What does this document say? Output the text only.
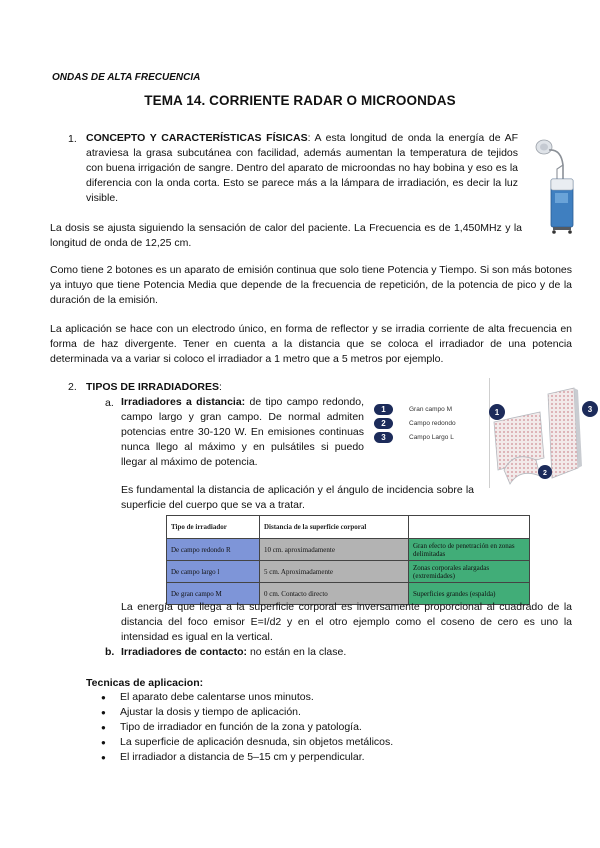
ONDAS DE ALTA FRECUENCIA
TEMA 14. CORRIENTE RADAR O MICROONDAS
1. CONCEPTO Y CARACTERÍSTICAS FÍSICAS: A esta longitud de onda la energía de AF atraviesa la grasa subcutánea con facilidad, además aumentan la temperatura de tejidos con buena irrigación de sangre. Dentro del aparato de microondas no hay bobina y eso es la diferencia con la onda corta. Esto se parece más a la lámpara de irradiación, es decir la luz visible.

La dosis se ajusta siguiendo la sensación de calor del paciente. La Frecuencia es de 1,450MHz y la longitud de onda de 12,25 cm.

Como tiene 2 botones es un aparato de emisión continua que solo tiene Potencia y Tiempo. Si son más botones ya intuyo que tiene Potencia Media que depende de la frecuencia de repetición, de la potencia de pico y de la duración de la emisión.

La aplicación se hace con un electrodo único, en forma de reflector y se irradia corriente de alta frecuencia en forma de haz divergente. Tener en cuenta a la distancia que se coloca el irradiador de una potencia determinada va a variar si coloco el irradiador a 1 metro que a 5 metros por ejemplo.

2. TIPOS DE IRRADIADORES:
a. Irradiadores a distancia: de tipo campo redondo, campo largo y gran campo. De normal admiten potencias entre 30-120 W. En emisiones continuas nunca llego al máximo y en pulsátiles si puedo llegar al máximo de potencia.

1	Gran campo M
2	Campo redondo
3	Campo Largo L
1
2
3

Es fundamental la distancia de aplicación y el ángulo de incidencia sobre la superficie del cuerpo que se va a tratar.

Tipo de irradiador	Distancia de la superficie corporal	
De campo redondo R	10 cm. aproximadamente	Gran efecto de penetración en zonas delimitadas
De campo largo l	5 cm. Aproximadamente	Zonas corporales alargadas (extremidades)
De gran campo M	0 cm. Contacto directo	Superficies grandes (espalda)

La energía que llega a la superficie corporal es inversamente proporcional al cuadrado de la distancia del foco emisor E=I/d2 y en el otro ejemplo como el coseno de cero es uno la intensidad es igual en la vertical.

b. Irradiadores de contacto: no están en la clase.
Tecnicas de aplicacion:
● El aparato debe calentarse unos minutos.
● Ajustar la dosis y tiempo de aplicación.
● Tipo de irradiador en función de la zona y patología.
● La superficie de aplicación desnuda, sin objetos metálicos.
● El irradiador a distancia de 5–15 cm y perpendicular.
